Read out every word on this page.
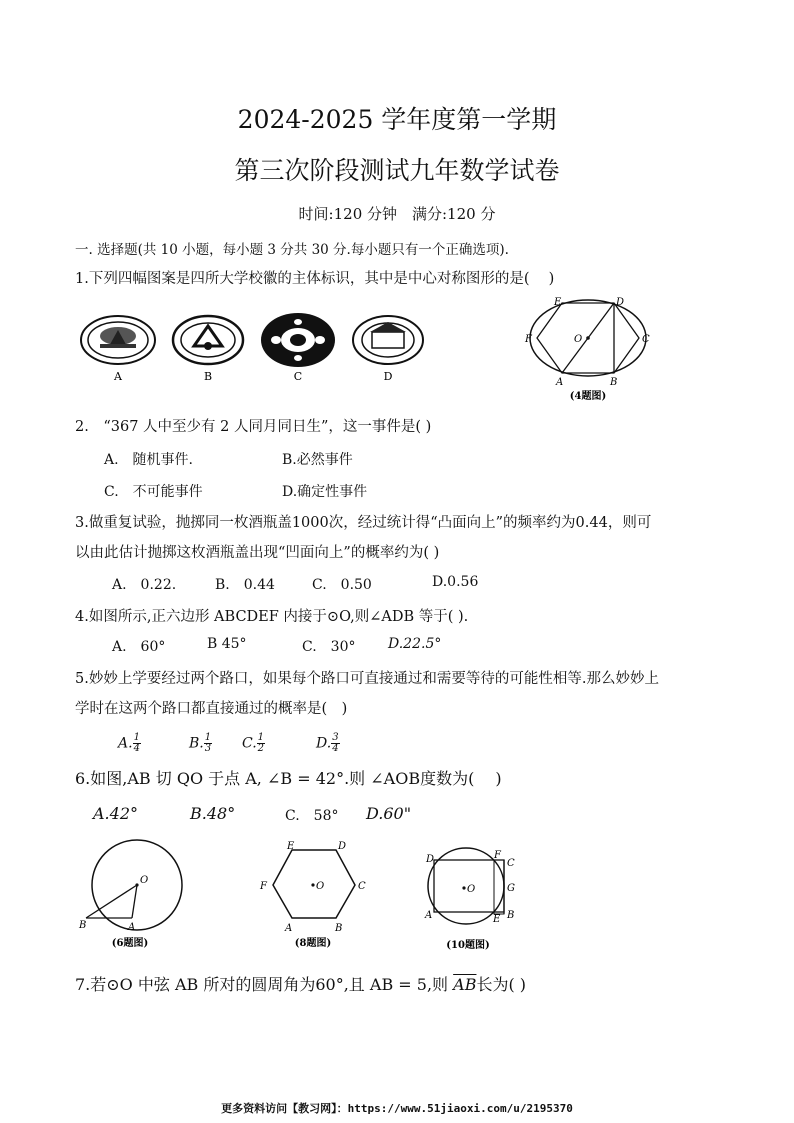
2024-2025 学年度第一学期
第三次阶段测试九年数学试卷
时间:120 分钟　满分:120 分
一. 选择题(共 10 小题，每小题 3 分共 30 分.每小题只有一个正确选项).
1.下列四幅图案是四所大学校徽的主体标识，其中是中心对称图形的是(　 )
A	B	C	D
E	D
F	O	C
A	B
(4题图)
2.　“367 人中至少有 2 人同月同日生”，这一事件是( )
A.　随机事件.	B.必然事件
C.　不可能事件	D.确定性事件
3.做重复试验，抛掷同一枚酒瓶盖1000次，经过统计得“凸面向上”的频率约为0.44，则可
以由此估计抛掷这枚酒瓶盖出现“凹面向上”的概率约为( )
A.　0.22.	B.　0.44	C.　0.50	D.0.56
4.如图所示,正六边形 ABCDEF 内接于⊙O,则∠ADB 等于( ).
A.　60°	B 45°	C.　30° D.22.5°
5.妙妙上学要经过两个路口，如果每个路口可直接通过和需要等待的可能性相等.那么妙妙上
学时在这两个路口都直接通过的概率是(　)
A. $\frac{1}{4}$	B. $\frac{1}{3} C$. $\frac{1}{2}$	D. $\frac{3}{4}$
6.如图,AB 切 QO 于点 A, ∠B = 42°.则 ∠AOB度数为(　 )
A.42°	B.48°	C.　58° D.60"
O
B	A
(6题图)
E	D
F	O	C
A	B
(8题图)
D	F
C
O	G
A	E B
(10题图)
7.若⊙O 中弦 AB 所对的圆周角为60°,且 AB = 5,则 $\overline{AB}$长为( )
更多资料访问【教习网】：https://www.51jiaoxi.com/u/2195370
